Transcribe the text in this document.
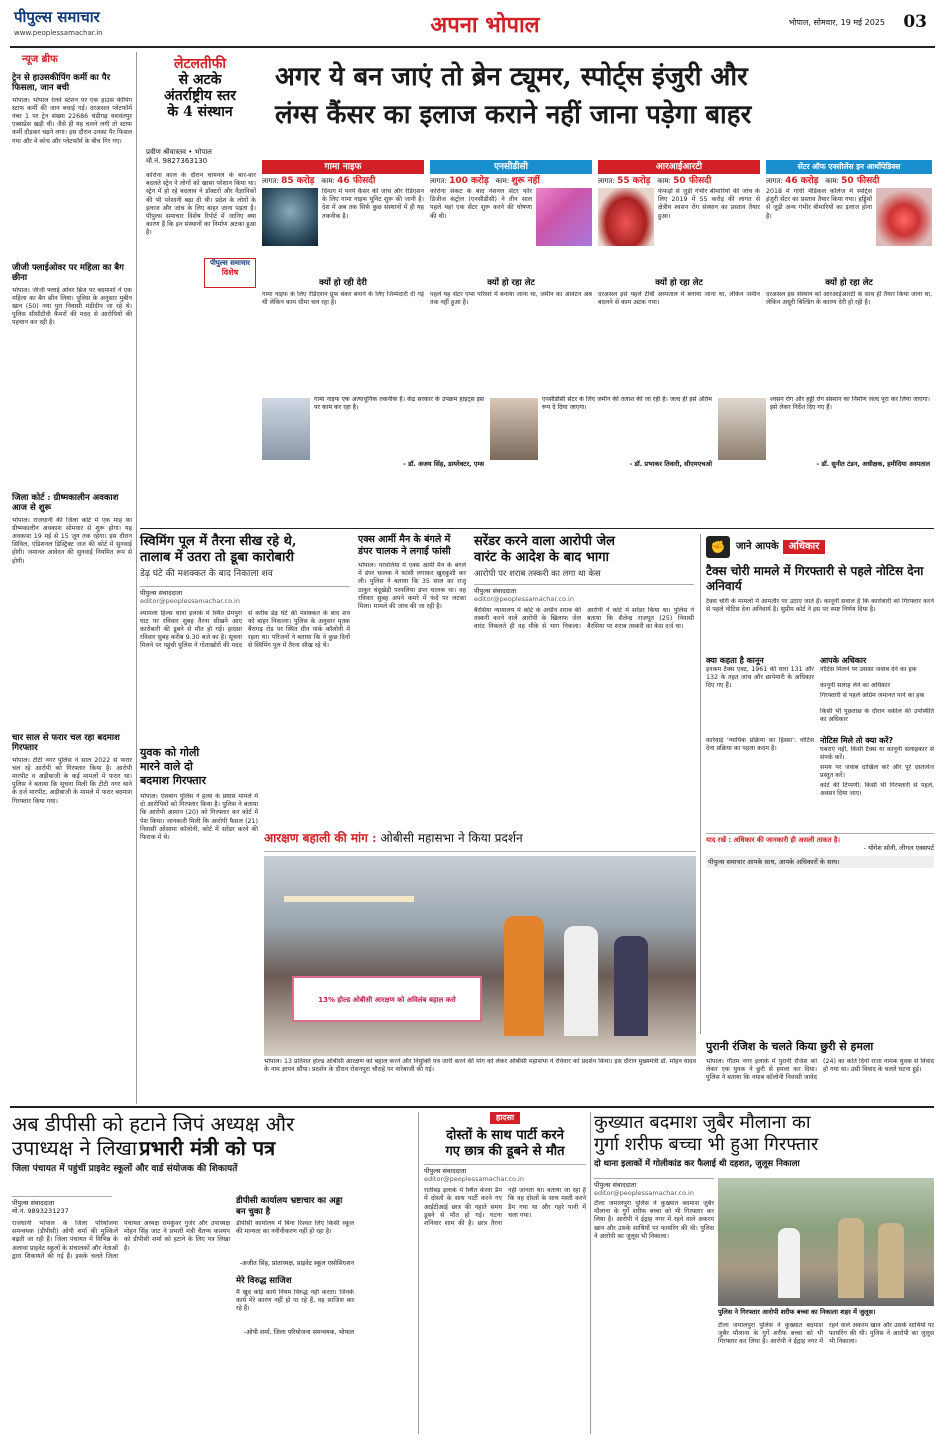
पीपुल्स समाचार
www.peoplessamachar.in	अपना भोपाल	भोपाल, सोमवार, 19 मई 2025	03
न्यूज ब्रीफ
ट्रेन से हाउसकीपिंग कर्मी का पैर फिसला, जान बची
भोपाल। भोपाल रेलवे स्टेशन पर एक हाउस कीपिंग स्टाफ कर्मी की जान बचाई गई। दरअसल प्लेटफॉर्म नंबर 1 पर ट्रेन संख्या 22686 चंडीगढ़ यशवंतपुर एक्सप्रेस खड़ी थी। जैसे ही यह चलने लगी तो स्टाफ कर्मी दौड़कर चढ़ने लगा। इस दौरान उनका पैर फिसल गया और वे कोच और प्लेटफॉर्म के बीच गिर गए।
जीजी फ्लाईओवर पर महिला का बैग छीना
भोपाल। जीजी फ्लाई ओवर ब्रिज पर बदमाशों ने एक महिला का बैग छीन लिया। पुलिस के अनुसार मुबीन खान (50) नया पुरा निवासी मंडीदीप जा रहे थे। पुलिस सीसीटीवी कैमरों की मदद से आरोपियों की पहचान कर रही है।
जिला कोर्ट : ग्रीष्मकालीन अवकाश आज से शुरू
भोपाल। राजधानी की जिला कोर्ट में एक माह का ग्रीष्मकालीन अवकाश सोमवार से शुरू होगा। यह अवकाश 19 मई से 15 जून तक रहेगा। इस दौरान सिविल, एडिशनल डिस्ट्रिक्ट जज की कोर्ट में सुनवाई होगी। जमानत आवेदन की सुनवाई नियमित रूप से होगी।
चार साल से फरार चल रहा बदमाश गिरफ्तार
भोपाल। टीटी नगर पुलिस ने साल 2022 से फरार चल रहे आरोपी को गिरफ्तार किया है। आरोपी मारपीट व अड़ीबाजी के कई मामलों में फरार था। पुलिस ने बताया कि सूचना मिली कि टीटी नगर थाने के दर्ज मारपीट, अड़ीबाजी के मामले में फरार बदमाश गिरफ्तार किया गया।
लेटलतीफी
से अटके
अंतर्राष्ट्रीय स्तर
के 4 संस्थान
अगर ये बन जाएं तो ब्रेन ट्यूमर, स्पोर्ट्स इंजुरी और
लंग्स कैंसर का इलाज कराने नहीं जाना पड़ेगा बाहर
प्रवीण श्रीवास्तव • भोपाल
मो.नं. 9827363130
कोरोना काल के दौरान चायनल के बार-बार बदलते स्ट्रेन ने लोगों को खासा परेशान किया था। स्ट्रेन में हो रहे बदलाव ने डॉक्टरों और वैज्ञानिकों की भी परेशानी बढ़ा दी थी। प्रदेश के लोगों के इलाज और जांच के लिए बाहर जाना पड़ता है। पीपुल्स समाचार विशेष रिपोर्ट में जानिए क्या कारण हैं कि इन संस्थानों का निर्माण अटका हुआ है।
पीपुल्स समाचार
विशेष
गामा नाइफ
लागत: 85 करोड़ काम: 46 फीसदी
दिमाग में पनपे कैंसर की जांच और रेडिएशन के लिए गामा नाइफ यूनिट शुरू की जानी है। देश में अब तक सिर्फ कुछ संस्थानों में ही यह तकनीक है।
क्यों हो रही देरी
गामा नाइफ के लिए रेडिएशन प्रूफ बंकर बनाने के लिए जिम्मेदारी दी गई थी लेकिन काम धीमा चल रहा है।
एनसीडीसी
लागत: 100 करोड़ काम: शुरू नहीं
कोरोना संकट के बाद नेशनल सेंटर फॉर डिजीज कंट्रोल (एनसीडीसी) ने तीन साल पहले यहां एक सेंटर शुरू करने की घोषणा की थी।
क्यों हो रहा लेट
पहले यह सेंटर एम्स परिसर में बनाया जाना था, जमीन का आवंटन अब तक नहीं हुआ है।
आरआईआरटी
लागत: 55 करोड़ काम: 50 फीसदी
फेफड़ों से जुड़ी गंभीर बीमारियों की जांच के लिए 2019 में 55 करोड़ की लागत से क्षेत्रीय श्वसन रोग संस्थान का प्रस्ताव तैयार हुआ।
क्यों हो रहा लेट
दरअसल इसे पहले टीबी अस्पताल में बनाया जाना था, लेकिन जमीन बदलने से काम अटक गया।
सेंटर ऑफ एक्सीलेंस इन आर्थोपेडिक्स
लागत: 46 करोड़ काम: 50 फीसदी
2018 में गांधी मेडिकल कॉलेज में स्पोर्ट्स इंजुरी सेंटर का प्रस्ताव तैयार किया गया। हड्डियों से जुड़ी अन्य गंभीर बीमारियों का इलाज होना है।
क्यों हो रहा लेट
दरअसल इस संस्थान को आरआईआरटी के साथ ही तैयार किया जाना था, लेकिन अधूरी बिल्डिंग के कारण देरी हो रही है।
गामा नाइफ एक अत्याधुनिक तकनीक है। केंद्र सरकार के उपक्रम हाइट्स इस पर काम कर रहा है।
- डॉ. अजय सिंह, डायरेक्टर, एम्स
एनसीडीसी सेंटर के लिए जमीन की तलाश की जा रही है। जल्द ही इसे अंतिम रूप दे दिया जाएगा।
- डॉ. प्रभाकर तिवारी, सीएमएचओ
श्वसन रोग और हड्डी रोग संस्थान का निर्माण जल्द पूरा कर लिया जाएगा। इसे लेकर निर्देश दिए गए हैं।
- डॉ. सुनीत टंडन, अधीक्षक, हमीदिया अस्पताल
स्विमिंग पूल में तैरना सीख रहे थे,
तालाब में उतरा तो डूबा कारोबारी
डेढ़ घंटे की मशक्कत के बाद निकाला शव
पीपुल्स संवाददाता
editor@peoplessamachar.co.in
श्यामला हिल्स थाना इलाके में स्थित प्रेमपुरा घाट पर रविवार सुबह तैरना सीखने आए कारोबारी की डूबने से मौत हो गई। हादसा रविवार सुबह करीब 9.30 बजे का है। सूचना मिलने पर पहुंची पुलिस ने गोताखोरों की मदद से करीब डेढ़ घंटे की मशक्कत के बाद शव को बाहर निकाला। पुलिस के अनुसार मृतक बैरागढ़ रोड पर स्थित ग्रीन पार्क कॉलोनी में रहता था। परिजनों ने बताया कि वे कुछ दिनों से स्विमिंग पूल में तैरना सीख रहे थे।
एक्स आर्मी मैन के बंगले में डंपर चालक ने लगाई फांसी
भोपाल। परवलिया में एक्स आर्मी मैन के बंगले में डंपर चालक ने फांसी लगाकर खुदकुशी कर ली। पुलिस ने बताया कि 35 साल का राजू ठाकुर चंदूखेड़ी परवलिया डंपर चालक था। वह रविवार सुबह अपने कमरे में फंदे पर लटका मिला। मामले की जांच की जा रही है।
सरेंडर करने वाला आरोपी जेल
वारंट के आदेश के बाद भागा
आरोपी पर शराब तस्करी का लगा था केस
पीपुल्स संवाददाता
editor@peoplessamachar.co.in
बैरसिया न्यायालय में कोर्ट के अधीन शराब की तस्करी करने वाले आरोपी के खिलाफ जेल वारंट निकलते ही वह मौके से भाग निकला। आरोपी ने कोर्ट में सरेंडर किया था। पुलिस ने बताया कि शैलेन्द्र राजपूत (25) निवासी बैरसिया पर शराब तस्करी का केस दर्ज था।
✊	जाने आपके	अधिकार
टैक्स चोरी मामले में गिरफ्तारी से पहले नोटिस देना अनिवार्य
टैक्स चोरी के मामलों में आमतौर पर उठाए जाते हैं। कानूनी सवाल है कि कारोबारी को गिरफ्तार करने से पहले नोटिस देना अनिवार्य है। सुप्रीम कोर्ट ने इस पर स्पष्ट निर्णय दिया है।
क्या कहता है कानून
इनकम टैक्स एक्ट, 1961 की धारा 131 और 132 के तहत जांच और छापेमारी के अधिकार दिए गए हैं।
कार्रवाई 'न्यायिक प्रक्रिया का हिस्सा': नोटिस देना प्रक्रिया का पहला कदम है।
आपके अधिकार
नोटिस मिलने पर उसका जवाब देने का हक
कानूनी सलाह लेने का अधिकार
गिरफ्तारी से पहले अग्रिम जमानत पाने का हक
किसी भी पूछताछ के दौरान वकील की उपस्थिति का अधिकार
नोटिस मिले तो क्या करें?
घबराएं नहीं, किसी टैक्स या कानूनी सलाहकार से संपर्क करें।
समय पर जवाब दाखिल करें और पूरे दस्तावेज प्रस्तुत करें।
कोर्ट की टिप्पणी: किसी भी गिरफ्तारी से पहले, अवसर दिया जाए।
याद रखें : अधिकार की जानकारी ही असली ताकत है।
- योगेश सोनी, लीगल एक्सपर्ट
पीपुल्स समाचार आपके साथ, आपके अधिकारों के साथ।
युवक को गोली
मारने वाले दो
बदमाश गिरफ्तार
भोपाल। ऐशबाग पुलिस ने हत्या के प्रयास मामले में दो आरोपियों को गिरफ्तार किया है। पुलिस ने बताया कि आरोपी आमान (20) को गिरफ्तार कर कोर्ट में पेश किया। जानकारी मिली कि आरोपी फैसल (21) निवासी ओसामा कॉलोनी, कोर्ट में सरेंडर करने की फिराक में थे।	आरक्षण बहाली की मांग : ओबीसी महासभा ने किया प्रदर्शन
13% होल्ड ओबीसी आरक्षण को अविलंब बहाल करो
भोपाल। 13 प्रतिशत होल्ड ओबीसी आरक्षण को बहाल करने और नियुक्ति पत्र जारी करने की मांग को लेकर ओबीसी महासभा ने रविवार को प्रदर्शन किया। इस दौरान मुख्यमंत्री डॉ. मोहन यादव के नाम ज्ञापन सौंपा। प्रदर्शन के दौरान रोशनपुरा चौराहे पर नारेबाजी की गई।
पुरानी रंजिश के चलते किया छुरी से हमला
भोपाल। गौतम नगर इलाके में पुरानी रंजिश को लेकर एक युवक ने छुरी से हमला कर दिया। पुलिस ने बताया कि नयाब कॉलोनी निवासी जावेद (24) का कोते दिनों राजा नामक युवक से विवाद हो गया था। उसी विवाद के चलते घटना हुई।
अब डीपीसी को हटाने जिपं अध्यक्ष और
उपाध्यक्ष ने लिखा प्रभारी मंत्री को पत्र
जिला पंचायत में पहुंचीं प्राइवेट स्कूलों और वार्ड संयोजक की शिकायतें
पीपुल्स संवाददाता
मो.नं. 9893231237
राजधानी भोपाल के जिला परियोजना समन्वयक (डीपीसी) ओपी शर्मा की मुश्किलें बढ़ती जा रही हैं। जिला पंचायत में विभिन्न के अलावा प्राइवेट स्कूलों के संचालकों और नेताओं द्वारा शिकायतें की गई हैं। इसके चलते जिला पंचायत अध्यक्ष रामकुंवर गुर्जर और उपाध्यक्ष मोहन सिंह जाट ने प्रभारी मंत्री चैतन्य काश्यप को डीपीसी शर्मा को हटाने के लिए पत्र लिखा है।
डीपीसी कार्यालय भ्रष्टाचार का अड्डा बन चुका है
डीपीसी कार्यालय में बिना रिश्वत लिए किसी स्कूल की मान्यता का नवीनीकरण नहीं हो रहा है।
-अजीत सिंह, प्रांताध्यक्ष, प्राइवेट स्कूल एसोसिएशन
मेरे विरुद्ध साजिश
मैं खुद कोई कार्य नियम विरुद्ध नहीं करता। जिनके कार्य मेरे कारण नहीं हो पा रहे हैं, वह साजिश कर रहे हैं।
-ओपी शर्मा, जिला परियोजना समन्वयक, भोपाल
हादसा
दोस्तों के साथ पार्टी करने
गए छात्र की डूबने से मौत
पीपुल्स संवाददाता
editor@peoplessamachar.co.in
रातीबड़ इलाके में स्थित केरवा डैम में दोस्तों के साथ पार्टी करने गए आईटीआई छात्र की नहाते समय डूबने से मौत हो गई। घटना शनिवार शाम की है। छात्र तैरना नहीं जानता था। बताया जा रहा है कि वह दोस्तों के साथ मस्ती करने डैम गया था और गहरे पानी में चला गया।
कुख्यात बदमाश जुबैर मौलाना का
गुर्गा शरीफ बच्चा भी हुआ गिरफ्तार
दो थाना इलाकों में गोलीकांड कर फैलाई थी दहशत, जुलूस निकाला
पीपुल्स संवाददाता
editor@peoplessamachar.co.in
टीला जमालपुरा पुलिस ने कुख्यात बदमाश जुबैर मौलाना के गुर्गे शरीफ बच्चा को भी गिरफ्तार कर लिया है। आरोपी ने ईद्गाह नगर में रहने वाले अकरम खान और उसके साथियों पर फायरिंग की थी। पुलिस ने आरोपी का जुलूस भी निकाला।
पुलिस ने गिरफ्तार आरोपी शरीफ बच्चा का निकाला शहर में जुलूस।
टीला जमालपुरा पुलिस ने कुख्यात बदमाश जुबैर मौलाना के गुर्गे शरीफ बच्चा को भी गिरफ्तार कर लिया है। आरोपी ने ईद्गाह नगर में रहने वाले अकरम खान और उसके साथियों पर फायरिंग की थी। पुलिस ने आरोपी का जुलूस भी निकाला।
